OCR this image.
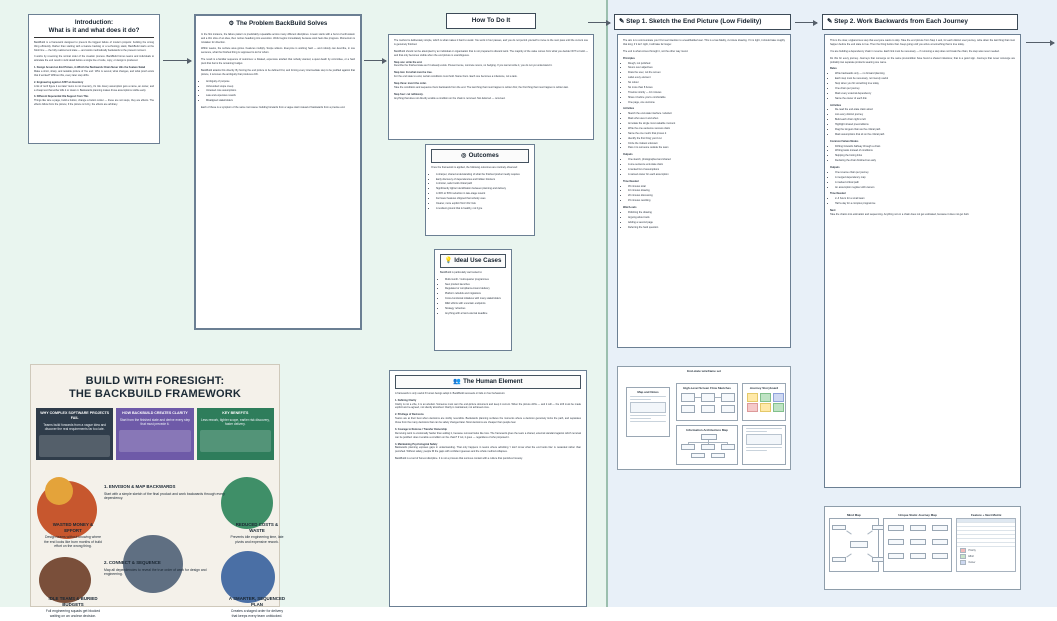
Introduction:
What is it and what does it do?

BackBuild is a framework designed to prevent the biggest failure of modern projects: building the wrong thing efficiently. Rather than starting with a feature backlog or a technology stack, BackBuild starts at the finish line — the fully realized end state — and works methodically backwards to the present moment.

It works by reversing the normal order of the creation process. BackBuild forces teams and individuals to articulate the end result in vivid detail before a single line of code, copy, or design is produced.

1. Design Around an End Picture, in Which the Backwards Chain Never Hits the Feature Salad

Make a short, sharp, and testable picture of 'the end.' Who is served, what changes, and what proof exists that it worked? Without this, every later step drifts.

2. Engineering against JUST an Inventory

A list of 'we'll figure it out later' items is not inventory, it's risk. Every assumption gets a name, an owner, and a cheap test that either kills it or clears it. Backwards planning makes those assumptions visible early.

3. Different Deperential Ola Support from This

Things like wire a page, build a button, change a button colour — these are not steps, they are effects. The effects follow from the picture; if the picture is fuzzy, the effects are arbitrary.

⚙ The Problem BackBuild Solves

In the first instance, the failure pattern is predictably repeatable across many different disciplines. A team starts with a burst of enthusiasm and a thin slice of an idea, then rushes headlong into execution. Work begins immediately because work feels like progress. Momentum is mistaken for direction.

Within weeks, the surface area grows. Features multiply. Scope widens. Everyone is working hard — and nobody can describe, in one sentence, what the finished thing is supposed to do for whom.

The result is a familiar sequence of outcomes: a bloated, expensive artefact that nobody wanted, a quiet death by committee, or a hard pivot that burns the remaining budget.

BackBuild attacks this directly. By forcing the end picture to be defined first, and forcing every intermediate step to be justified against that picture, it removes the ambiguity that produces drift.

• Ambiguity of purpose
• Unbounded scope creep
• Untested core assumptions
• Late and expensive rework
• Misaligned stakeholders

Each of these is a symptom of the same root cause: building forwards from a vague start instead of backwards from a precise end.

How To Do It

The method is deliberately simple, which is what makes it hard to avoid. You work in four passes, and you do not permit yourself to move to the next pass until the current one is genuinely finished.

BackBuild should not be attempted by an individual or organisation that is not prepared to discard work. The majority of the value comes from what you decide NOT to build — and that only becomes visible when the end picture is unambiguous.

Step one: write the end.

Describe the finished state as if it already exists. Present tense, concrete nouns, no hedging. If you cannot write it, you do not yet understand it.

Step two: list what must be true.

For the end state to exist, certain conditions must hold. Name them. Each one becomes a milestone, not a task.

Step three: invert the order.

Take the conditions and sequence them backwards from the end. The last thing that must happen is written first; the first thing that must happen is written last.

Step four: cut ruthlessly.

Anything that does not directly enable a condition on the chain is removed. Not deferred — removed.

◎ Outcomes

Once the framework is applied, the following outcomes are routinely observed:

• A sharper, shared understanding of what the finished product really requires
• Early discovery of dependencies and hidden blockers
• A shorter, safer build critical path
• Significantly tighter identification between planning and delivery
• A 30% to 50% reduction in late-stage rework
• Far fewer features shipped that nobody uses
• Clearer, more explicit 'Don't Do' lists
• A resilient ground that is healthy, not hype
💡 Ideal Use Cases

BackBuild is particularly well suited to:

• Multi-month / multi-quarter programmes
• New product launches
• Regulated or compliance-bound delivery
• Platform rebuilds and migrations
• Cross-functional initiatives with many stakeholders
• R&D efforts with uncertain endpoints
• Strategy refreshes
• Anything with a hard external deadline
👥 The Human Element

A framework is only useful if human beings adopt it. BackBuild succeeds or fails on four behaviours:

1. Defining Clarity

Clarity is not a vibe, it is an artefact. Someone must own the end-picture document and keep it current. When the picture drifts — and it will — the drift must be made explicit and re-agreed, not silently absorbed. Clarity is maintained, not achieved once.

2. Privilege of Decisions

Teams are at their best when decisions are visibly reversible. Backwards planning surfaces the moments where a decision genuinely locks the path, and separates those from the many decisions that can be safely changed later. Most decisions are cheaper than people fear.

3. Courage to Remove / Transfer Ownership

Removing work is emotionally harder than adding it, because removal looks like loss. The framework gives the team a shared, external standard against which removal can be justified: does it enable a condition on the chain? If not, it goes — regardless of who proposed it.

4. Maintaining Psychological Safety

Backwards planning exposes gaps in understanding. That only happens in teams where admitting 'I don't know what the end looks like' is rewarded rather than punished. Without safety, people fill the gaps with confident guesses and the whole method collapses.

BackBuild is a tool of honest discipline. It is not a process that survives contact with a culture that punishes honesty.

BUILD WITH FORESIGHT:
THE BACKBUILD FRAMEWORK
WHY COMPLEX SOFTWARE PROJECTS FAIL
Teams build forwards from a vague idea and discover the real requirements far too late.
HOW BACKBUILD CREATES CLARITY
Start from the finished state and derive every step that must precede it.
KEY BENEFITS
Less rework, tighter scope, earlier risk discovery, faster delivery.
1. ENVISION & MAP BACKWARDS
Start with a simple sketch of the final product and work backwards through every dependency.
2. CONNECT & SEQUENCE
Map all dependencies to reveal the true order of work for design and engineering.
WASTED MONEY & EFFORT
Design teams without knowing where the end looks like burn months of build effort on the wrong thing.
REDUCED COSTS & WASTE
Prevents idle engineering time, late pivots and expensive rework.
IDLE TEAMS & BURIED BUDGETS
Full engineering squads get blocked waiting on an unclear decision.
A SMARTER, SEQUENCED PLAN
Creates a staged order for delivery that keeps every team unblocked.
✎ Step 1. Sketch the End Picture (Low Fidelity)

The aim is to communicate your first real intention to a lead/builder/user. This is a low-fidelity, 2-minute drawing. If it is right, it should take roughly that long; if it isn't right, it will take far longer.

The end is what comes through it, not the other way round.

Principles
• Rough, not polished
• Nouns over adjectives
• Draw the user, not the screen
• Label every element
• No colour
• No more than 8 boxes
• Timebox strictly — 10 minutes
• Share it before you're comfortable
• One page, one outcome
Activities
• Sketch the end-state interface / artefact
• Mark who uses it and when
• Annotate the single most valuable moment
• Write the one-sentence success claim
• Name the one metric that proves it
• Identify the first thing you'd cut
• Circle the riskiest unknown
• Pass it to someone outside the team
Outputs
• One sketch, photographed and shared
• A one-sentence end-state claim
• A ranked list of assumptions
• A named owner for each assumption
Time Needed
• 45 minutes total
• 10 minutes drawing
• 20 minutes discussing
• 15 minutes rewriting
Watch-outs
• Polishing the drawing
• Arguing about tools
• Adding a second page
• Deferring the hard question
✎ Step 2. Work Backwards from Each Journey

This is the slow, unglamorous step that everyone wants to skip. Take the end picture from Step 1 and, for each distinct user journey, write down the last thing that must happen before the end state is true. Then the thing before that. Keep going until you arrive at something that is true today.

You are building a dependency chain in reverse. Each link must be necessary — if removing a step does not break the chain, the step was never needed.

Do this for every journey. Journeys that converge on the same precondition have found a shared milestone; that is a good sign. Journeys that never converge are probably two separate products wearing one name.

Rules
• Write backwards only — no forward planning
• Each step must be necessary, not merely useful
• Stop when you hit something true today
• One chain per journey
• Mark every external dependency
• Name the owner of each link
Activities
• Re-read the end-state claim aloud
• List every distinct journey
• Build each chain right to left
• Highlight shared preconditions
• Flag the longest chain as the critical path
• Mark assumptions that sit on the critical path
Common Failure Modes
• Drifting forwards halfway through a chain
• Writing tasks instead of conditions
• Skipping the boring links
• Declaring the chain finished too early
Outputs
• One reverse chain per journey
• A merged dependency map
• A marked critical path
• An assumption register with owners
Time Needed
• 2–3 hours for a small team
• Half a day for a complex programme
Next

Take the chains into estimation and sequencing. Anything not on a chain does not get estimated, because it does not get built.

End-state wireframe set
Map and Notes
High-Level Screen Flow Sketches	Journey Storyboard
Information Architecture Map
Mind Map	Unique Static Journey Map	Feature + Next Matrix
Priority
Effort
Owner
